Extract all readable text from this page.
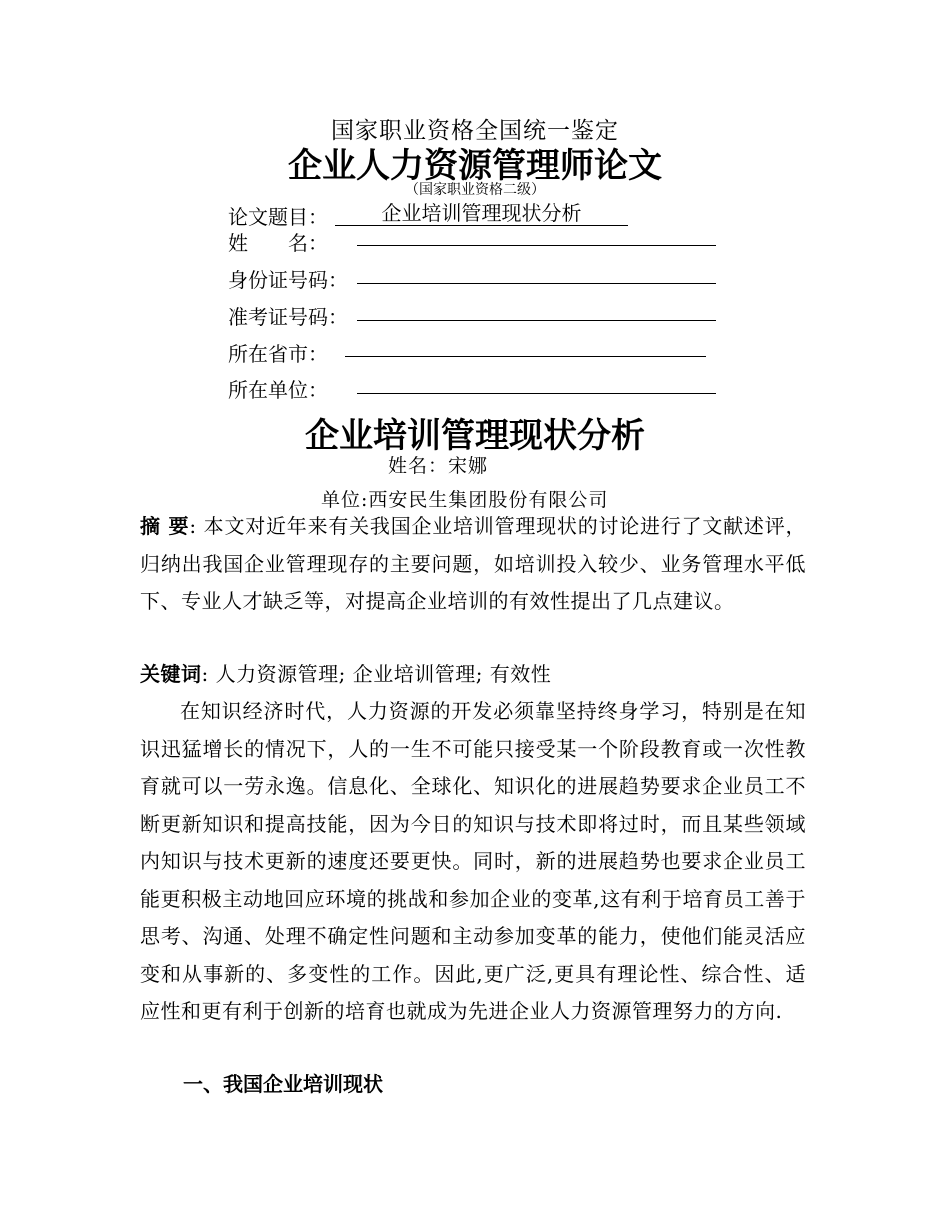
国家职业资格全国统一鉴定
企业人力资源管理师论文
（国家职业资格二级）
论文题目：	企业培训管理现状分析
姓　　名：
身份证号码：
准考证号码：
所在省市：
所在单位：
企业培训管理现状分析
姓名：宋娜
单位:西安民生集团股份有限公司
摘 要: 本文对近年来有关我国企业培训管理现状的讨论进行了文献述评，归纳出我国企业管理现存的主要问题，如培训投入较少、业务管理水平低下、专业人才缺乏等，对提高企业培训的有效性提出了几点建议。
关键词: 人力资源管理; 企业培训管理; 有效性
在知识经济时代，人力资源的开发必须靠坚持终身学习，特别是在知识迅猛增长的情况下，人的一生不可能只接受某一个阶段教育或一次性教育就可以一劳永逸。信息化、全球化、知识化的进展趋势要求企业员工不断更新知识和提高技能，因为今日的知识与技术即将过时，而且某些领域内知识与技术更新的速度还要更快。同时，新的进展趋势也要求企业员工能更积极主动地回应环境的挑战和参加企业的变革,这有利于培育员工善于思考、沟通、处理不确定性问题和主动参加变革的能力，使他们能灵活应变和从事新的、多变性的工作。因此,更广泛,更具有理论性、综合性、适应性和更有利于创新的培育也就成为先进企业人力资源管理努力的方向.
一、我国企业培训现状
